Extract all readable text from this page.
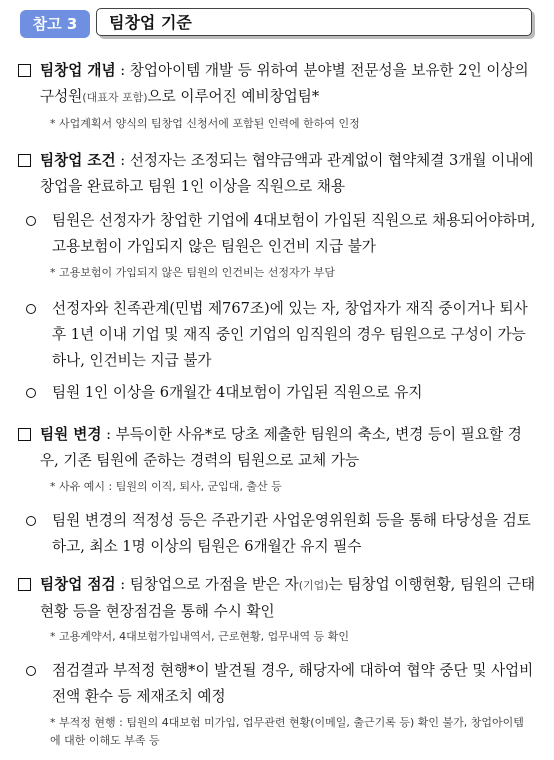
참고 3	팀창업 기준
팀창업 개념 : 창업아이템 개발 등 위하여 분야별 전문성을 보유한 2인 이상의 구성원(대표자 포함)으로 이루어진 예비창업팀*
* 사업계획서 양식의 팀창업 신청서에 포함된 인력에 한하여 인정
팀창업 조건 : 선정자는 조정되는 협약금액과 관계없이 협약체결 3개월 이내에 창업을 완료하고 팀원 1인 이상을 직원으로 채용
팀원은 선정자가 창업한 기업에 4대보험이 가입된 직원으로 채용되어야하며, 고용보험이 가입되지 않은 팀원은 인건비 지급 불가
* 고용보험이 가입되지 않은 팀원의 인건비는 선정자가 부담
선정자와 친족관계(민법 제767조)에 있는 자, 창업자가 재직 중이거나 퇴사 후 1년 이내 기업 및 재직 중인 기업의 임직원의 경우 팀원으로 구성이 가능하나, 인건비는 지급 불가
팀원 1인 이상을 6개월간 4대보험이 가입된 직원으로 유지
팀원 변경 : 부득이한 사유*로 당초 제출한 팀원의 축소, 변경 등이 필요할 경우, 기존 팀원에 준하는 경력의 팀원으로 교체 가능
* 사유 예시 : 팀원의 이직, 퇴사, 군입대, 출산 등
팀원 변경의 적정성 등은 주관기관 사업운영위원회 등을 통해 타당성을 검토하고, 최소 1명 이상의 팀원은 6개월간 유지 필수
팀창업 점검 : 팀창업으로 가점을 받은 자(기업)는 팀창업 이행현황, 팀원의 근태현황 등을 현장점검을 통해 수시 확인
* 고용계약서, 4대보험가입내역서, 근로현황, 업무내역 등 확인
점검결과 부적정 현행*이 발견될 경우, 해당자에 대하여 협약 중단 및 사업비 전액 환수 등 제재조치 예정
* 부적정 현행 : 팀원의 4대보험 미가입, 업무관련 현황(이메일, 출근기록 등) 확인 불가, 창업아이템에 대한 이해도 부족 등
